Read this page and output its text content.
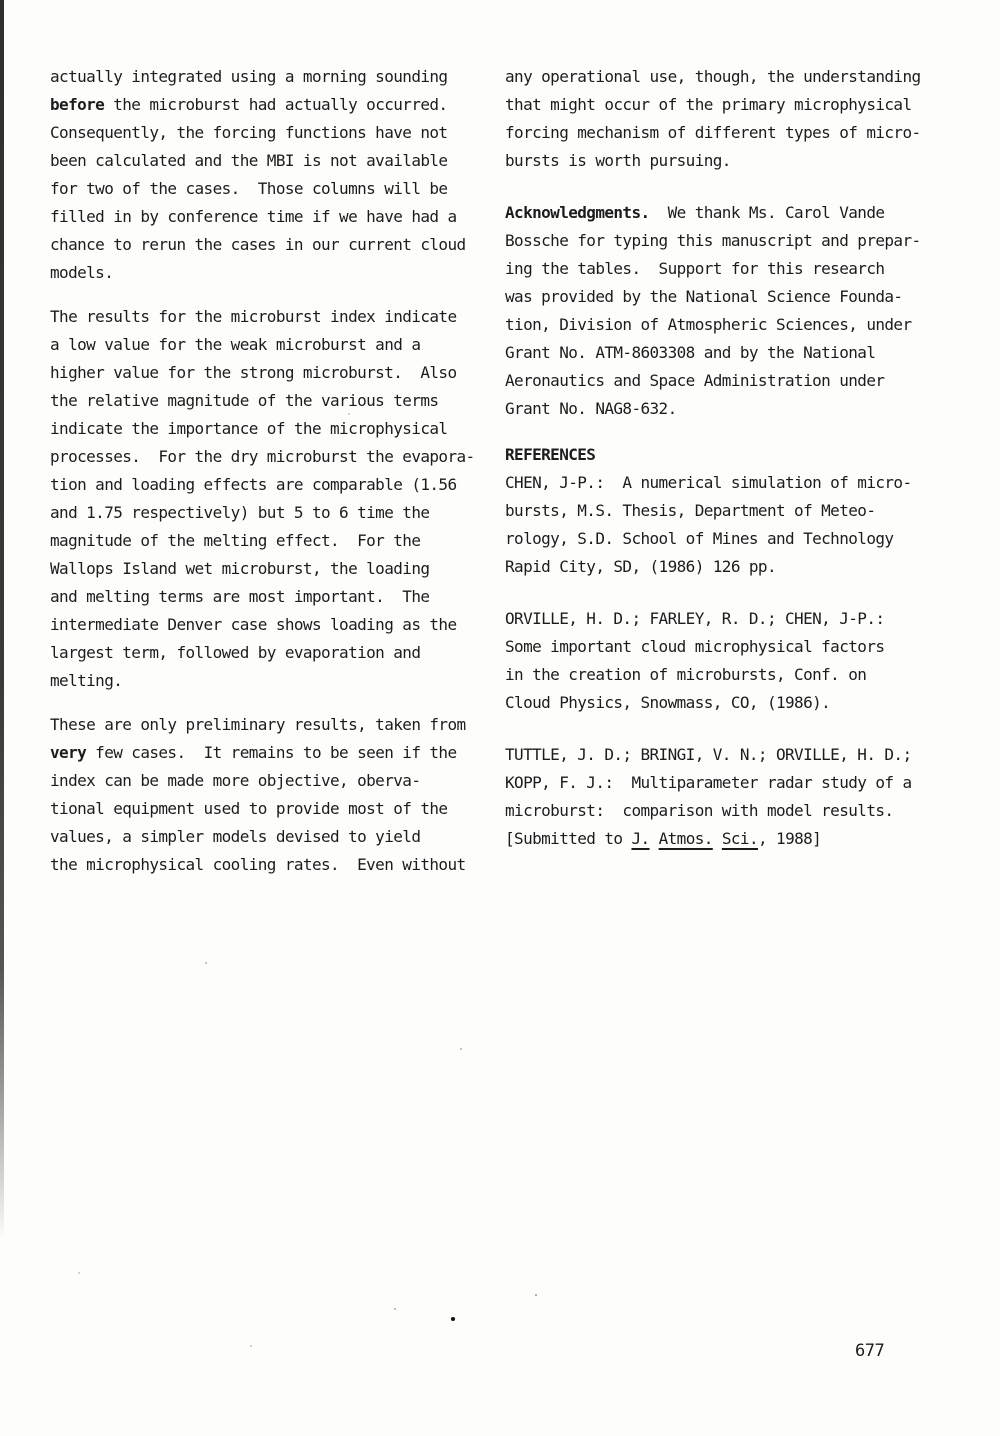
actually integrated using a morning sounding
before the microburst had actually occurred.
Consequently, the forcing functions have not
been calculated and the MBI is not available
for two of the cases.  Those columns will be
filled in by conference time if we have had a
chance to rerun the cases in our current cloud
models.
The results for the microburst index indicate
a low value for the weak microburst and a
higher value for the strong microburst.  Also
the relative magnitude of the various terms
indicate the importance of the microphysical
processes.  For the dry microburst the evapora-
tion and loading effects are comparable (1.56
and 1.75 respectively) but 5 to 6 time the
magnitude of the melting effect.  For the
Wallops Island wet microburst, the loading
and melting terms are most important.  The
intermediate Denver case shows loading as the
largest term, followed by evaporation and
melting.
These are only preliminary results, taken from
very few cases.  It remains to be seen if the
index can be made more objective, oberva-
tional equipment used to provide most of the
values, a simpler models devised to yield
the microphysical cooling rates.  Even without
any operational use, though, the understanding
that might occur of the primary microphysical
forcing mechanism of different types of micro-
bursts is worth pursuing.
Acknowledgments.  We thank Ms. Carol Vande
Bossche for typing this manuscript and prepar-
ing the tables.  Support for this research
was provided by the National Science Founda-
tion, Division of Atmospheric Sciences, under
Grant No. ATM-8603308 and by the National
Aeronautics and Space Administration under
Grant No. NAG8-632.
REFERENCES
CHEN, J-P.:  A numerical simulation of micro-
bursts, M.S. Thesis, Department of Meteo-
rology, S.D. School of Mines and Technology
Rapid City, SD, (1986) 126 pp.
ORVILLE, H. D.; FARLEY, R. D.; CHEN, J-P.:
Some important cloud microphysical factors
in the creation of microbursts, Conf. on
Cloud Physics, Snowmass, CO, (1986).
TUTTLE, J. D.; BRINGI, V. N.; ORVILLE, H. D.;
KOPP, F. J.:  Multiparameter radar study of a
microburst:  comparison with model results.
[Submitted to J. Atmos. Sci., 1988]
677
